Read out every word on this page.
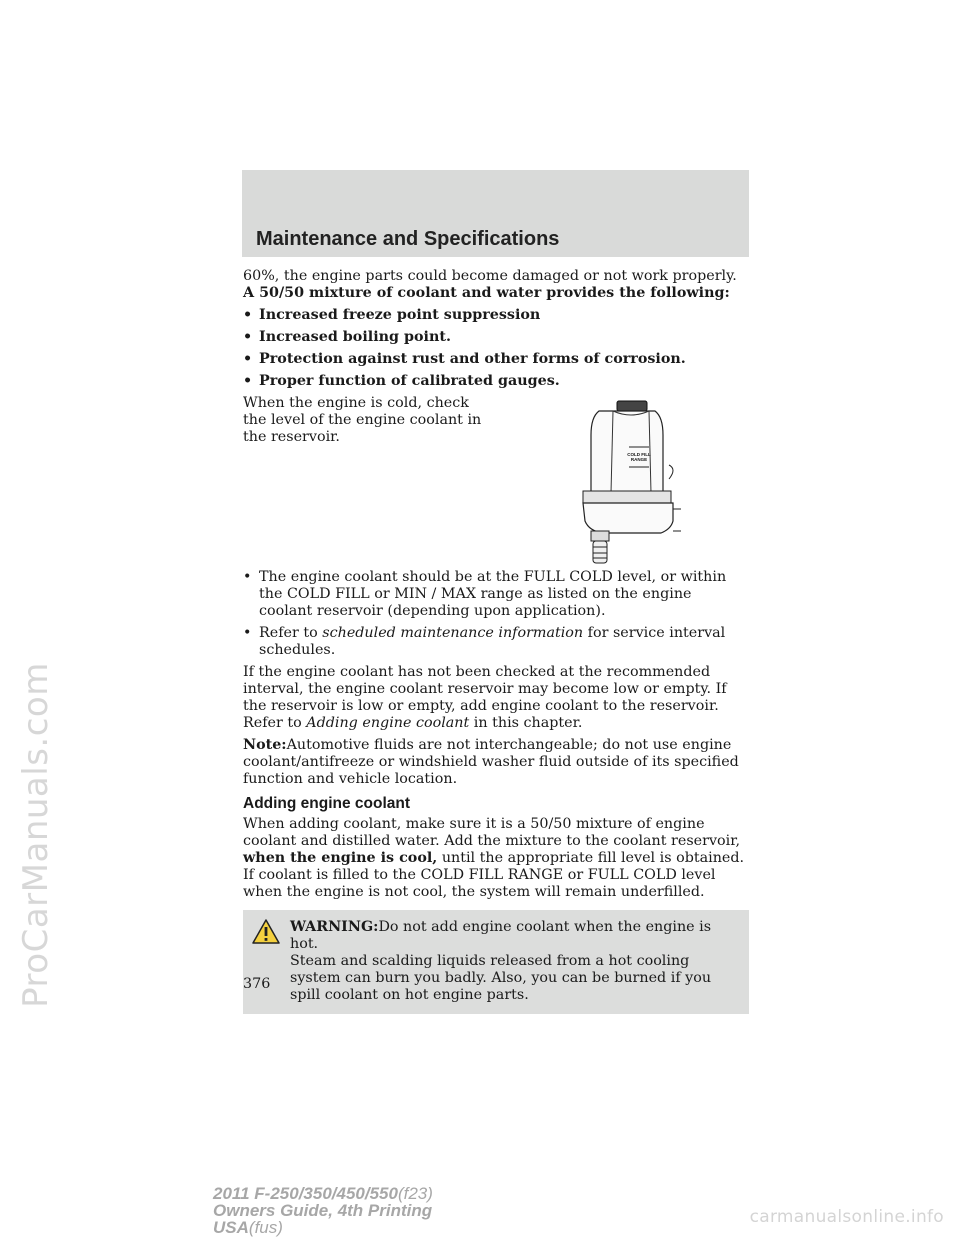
ProCarManuals.com
Maintenance and Specifications

60%, the engine parts could become damaged or not work properly. A 50/50 mixture of coolant and water provides the following:

• Increased freeze point suppression
• Increased boiling point.
• Protection against rust and other forms of corrosion.
• Proper function of calibrated gauges.

When the engine is cold, check the level of the engine coolant in the reservoir.

COLD FILL
RANGE
• The engine coolant should be at the FULL COLD level, or within the COLD FILL or MIN / MAX range as listed on the engine coolant reservoir (depending upon application).
• Refer to scheduled maintenance information for service interval schedules.

If the engine coolant has not been checked at the recommended interval, the engine coolant reservoir may become low or empty. If the reservoir is low or empty, add engine coolant to the reservoir. Refer to Adding engine coolant in this chapter.

Note:Automotive fluids are not interchangeable; do not use engine coolant/antifreeze or windshield washer fluid outside of its specified function and vehicle location.

Adding engine coolant

When adding coolant, make sure it is a 50/50 mixture of engine coolant and distilled water. Add the mixture to the coolant reservoir, when the engine is cool, until the appropriate fill level is obtained. If coolant is filled to the COLD FILL RANGE or FULL COLD level when the engine is not cool, the system will remain underfilled.

WARNING:Do not add engine coolant when the engine is hot.
Steam and scalding liquids released from a hot cooling system can burn you badly. Also, you can be burned if you spill coolant on hot engine parts.
376
2011 F-250/350/450/550(f23)
Owners Guide, 4th Printing
USA(fus)
carmanualsonline.info
